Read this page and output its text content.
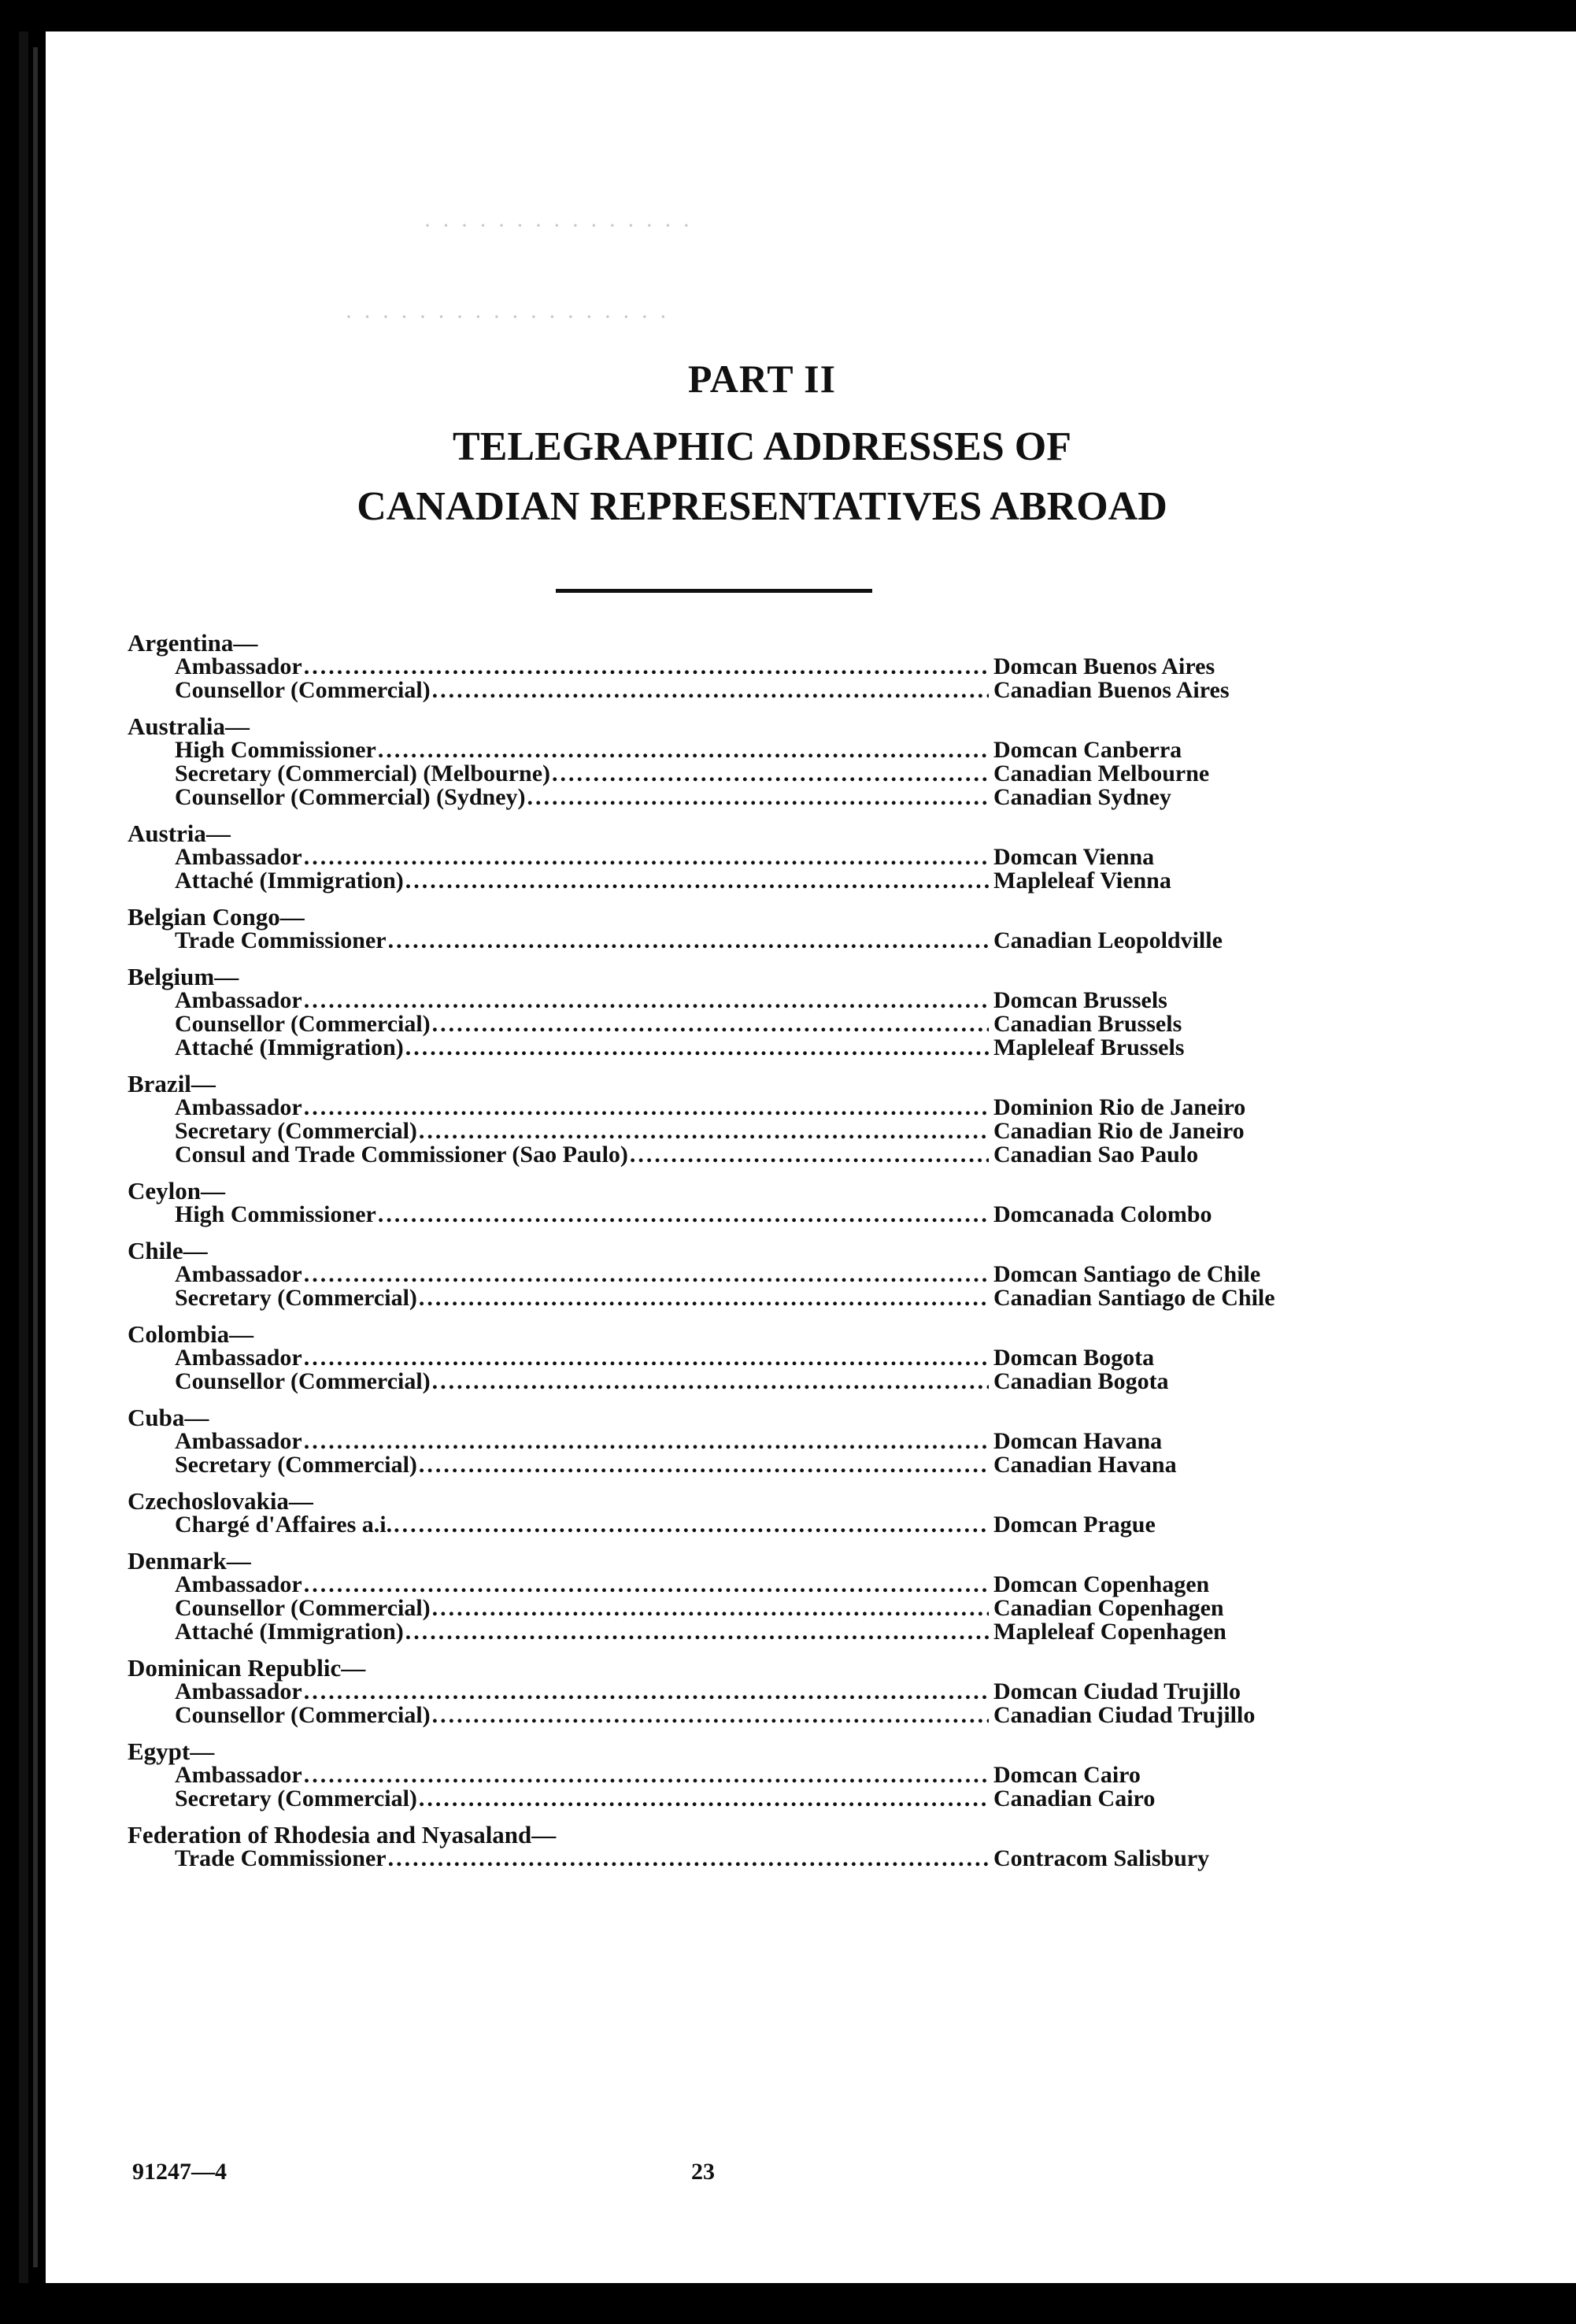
· · · · · · · · · · · · · · ·
· · · · · · · · · · · · · · · · · ·
PART II
TELEGRAPHIC ADDRESSES OF
CANADIAN REPRESENTATIVES ABROAD
Argentina—
Ambassador .....	Domcan Buenos Aires
Counsellor (Commercial) .....	Canadian Buenos Aires
Australia—
High Commissioner .....	Domcan Canberra
Secretary (Commercial) (Melbourne) .....	Canadian Melbourne
Counsellor (Commercial) (Sydney) .....	Canadian Sydney
Austria—
Ambassador .....	Domcan Vienna
Attaché (Immigration) .....	Mapleleaf Vienna
Belgian Congo—
Trade Commissioner .....	Canadian Leopoldville
Belgium—
Ambassador .....	Domcan Brussels
Counsellor (Commercial) .....	Canadian Brussels
Attaché (Immigration) .....	Mapleleaf Brussels
Brazil—
Ambassador .....	Dominion Rio de Janeiro
Secretary (Commercial) .....	Canadian Rio de Janeiro
Consul and Trade Commissioner (Sao Paulo) .....	Canadian Sao Paulo
Ceylon—
High Commissioner .....	Domcanada Colombo
Chile—
Ambassador .....	Domcan Santiago de Chile
Secretary (Commercial) .....	Canadian Santiago de Chile
Colombia—
Ambassador .....	Domcan Bogota
Counsellor (Commercial) .....	Canadian Bogota
Cuba—
Ambassador .....	Domcan Havana
Secretary (Commercial) .....	Canadian Havana
Czechoslovakia—
Chargé d'Affaires a.i. .....	Domcan Prague
Denmark—
Ambassador .....	Domcan Copenhagen
Counsellor (Commercial) .....	Canadian Copenhagen
Attaché (Immigration) .....	Mapleleaf Copenhagen
Dominican Republic—
Ambassador .....	Domcan Ciudad Trujillo
Counsellor (Commercial) .....	Canadian Ciudad Trujillo
Egypt—
Ambassador .....	Domcan Cairo
Secretary (Commercial) .....	Canadian Cairo
Federation of Rhodesia and Nyasaland—
Trade Commissioner .....	Contracom Salisbury
91247—4	23
